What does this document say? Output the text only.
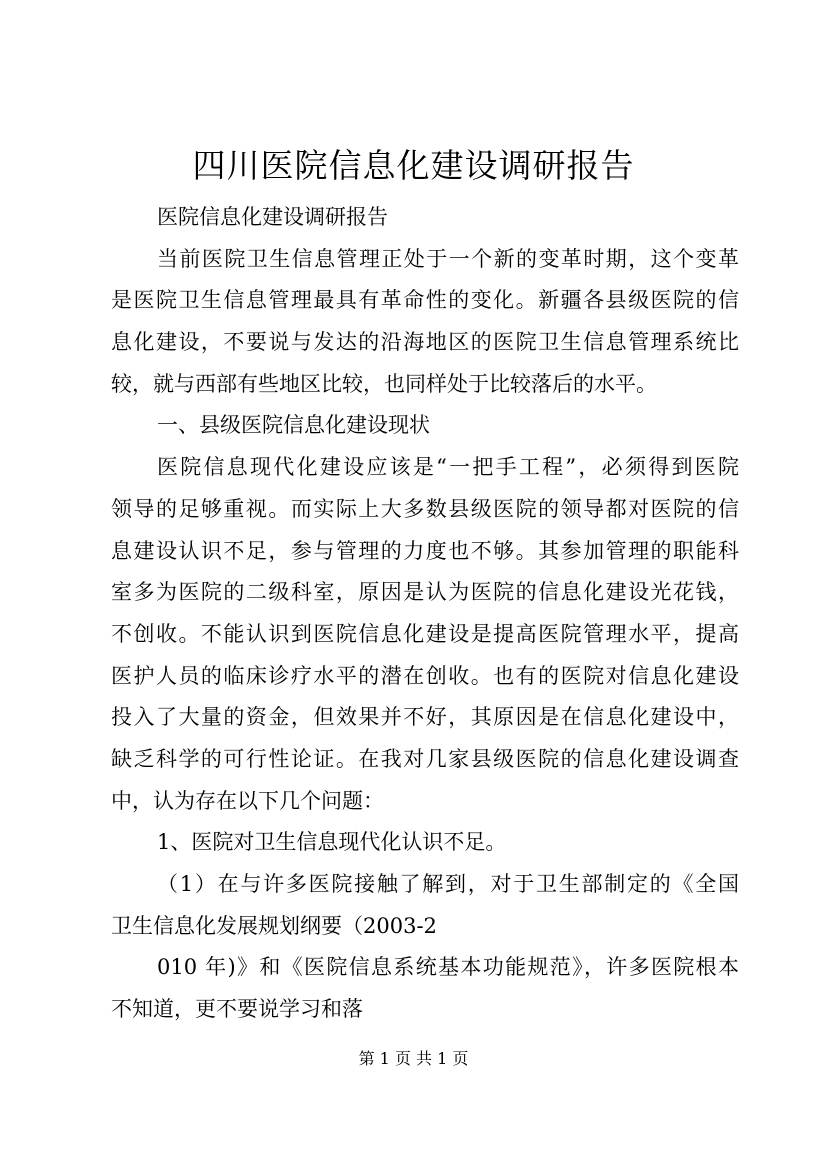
四川医院信息化建设调研报告
医院信息化建设调研报告
当前医院卫生信息管理正处于一个新的变革时期，这个变革
是医院卫生信息管理最具有革命性的变化。新疆各县级医院的信
息化建设，不要说与发达的沿海地区的医院卫生信息管理系统比
较，就与西部有些地区比较，也同样处于比较落后的水平。
一、县级医院信息化建设现状
医院信息现代化建设应该是“一把手工程”，必须得到医院
领导的足够重视。而实际上大多数县级医院的领导都对医院的信
息建设认识不足，参与管理的力度也不够。其参加管理的职能科
室多为医院的二级科室，原因是认为医院的信息化建设光花钱，
不创收。不能认识到医院信息化建设是提高医院管理水平，提高
医护人员的临床诊疗水平的潜在创收。也有的医院对信息化建设
投入了大量的资金，但效果并不好，其原因是在信息化建设中，
缺乏科学的可行性论证。在我对几家县级医院的信息化建设调查
中，认为存在以下几个问题：
1、医院对卫生信息现代化认识不足。
（1）在与许多医院接触了解到，对于卫生部制定的《全国
卫生信息化发展规划纲要（2003-2
010 年)》和《医院信息系统基本功能规范》，许多医院根本
不知道，更不要说学习和落
第 1 页 共 1 页
